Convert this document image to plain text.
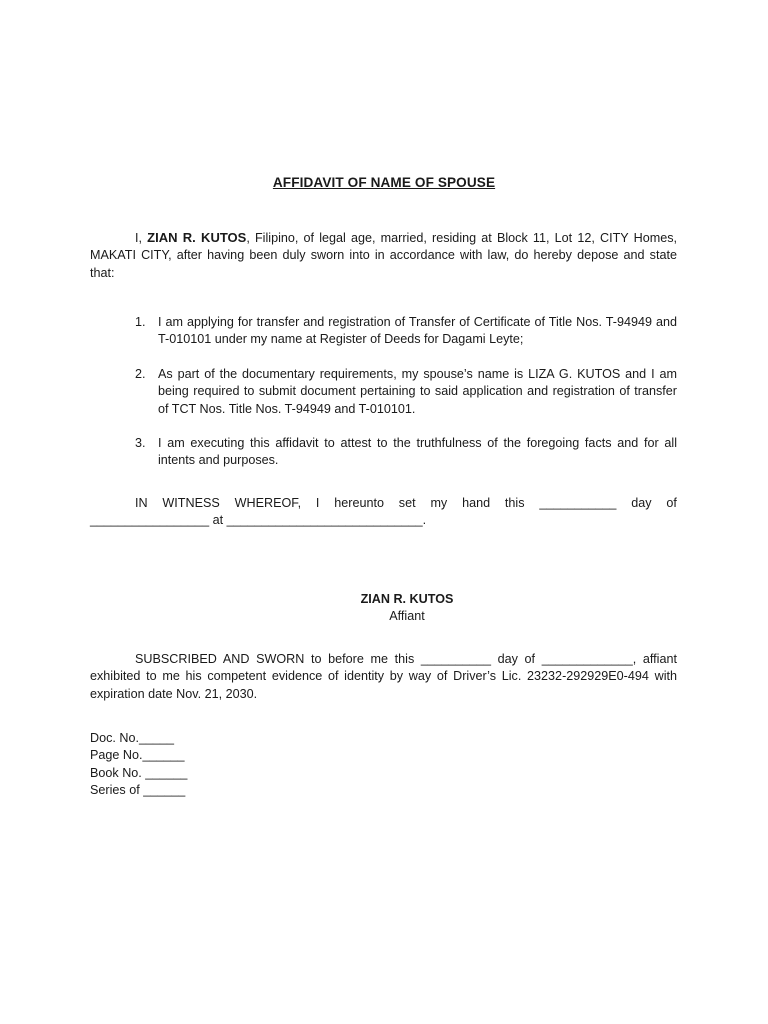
AFFIDAVIT OF NAME OF SPOUSE

I, ZIAN R. KUTOS, Filipino, of legal age, married, residing at Block 11, Lot 12, CITY Homes, MAKATI CITY, after having been duly sworn into in accordance with law, do hereby depose and state that:

1. I am applying for transfer and registration of Transfer of Certificate of Title Nos. T-94949 and T-010101 under my name at Register of Deeds for Dagami Leyte;

2. As part of the documentary requirements, my spouse’s name is LIZA G. KUTOS and I am being required to submit document pertaining to said application and registration of transfer of TCT Nos. Title Nos. T-94949 and T-010101.

3. I am executing this affidavit to attest to the truthfulness of the foregoing facts and for all intents and purposes.

IN WITNESS WHEREOF, I hereunto set my hand this ___________ day of
_________________ at ____________________________.
ZIAN R. KUTOS
Affiant

SUBSCRIBED AND SWORN to before me this __________ day of _____________, affiant exhibited to me his competent evidence of identity by way of Driver’s Lic. 23232-292929E0-494 with expiration date Nov. 21, 2030.

Doc. No._____
Page No.______
Book No. ______
Series of ______
